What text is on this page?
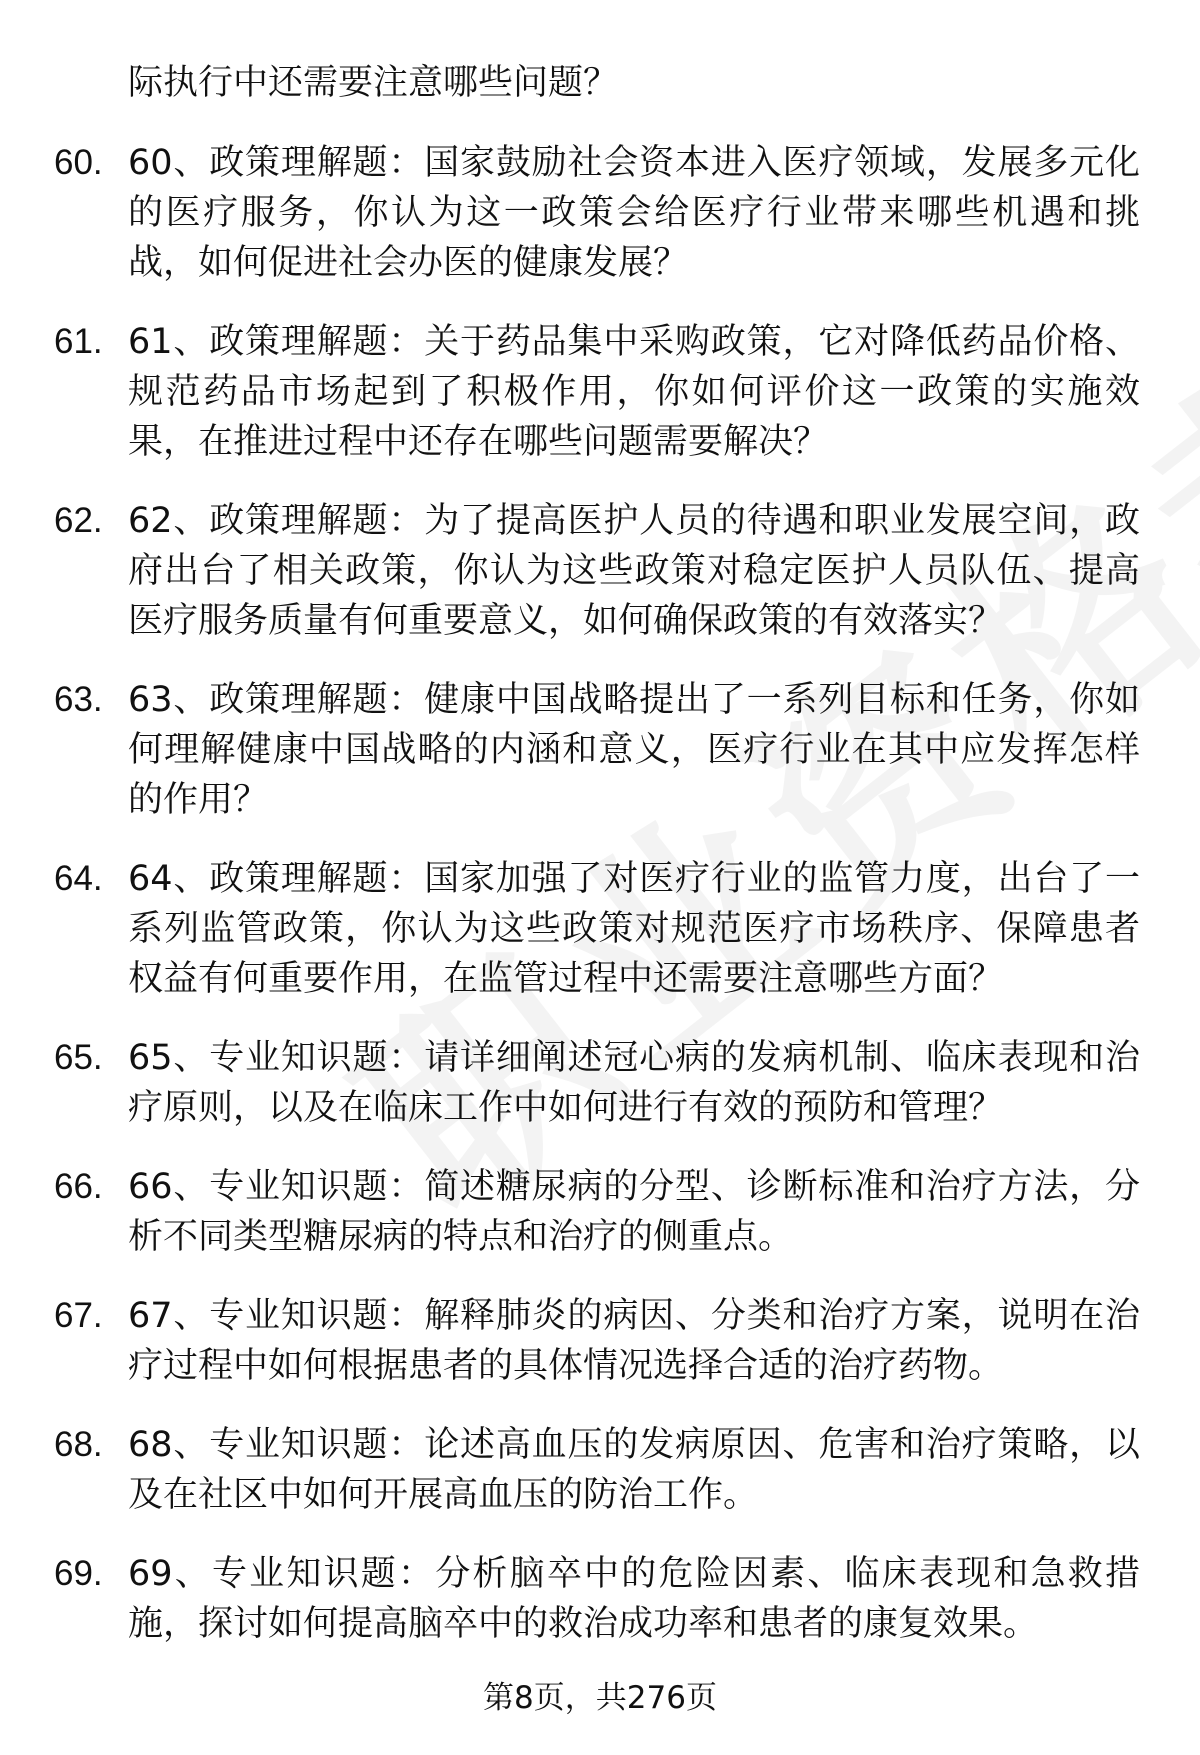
际执行中还需要注意哪些问题？
60. 60、政策理解题：国家鼓励社会资本进入医疗领域，发展多元化的医疗服务，你认为这一政策会给医疗行业带来哪些机遇和挑战，如何促进社会办医的健康发展？
61. 61、政策理解题：关于药品集中采购政策，它对降低药品价格、规范药品市场起到了积极作用，你如何评价这一政策的实施效果，在推进过程中还存在哪些问题需要解决？
62. 62、政策理解题：为了提高医护人员的待遇和职业发展空间，政府出台了相关政策，你认为这些政策对稳定医护人员队伍、提高医疗服务质量有何重要意义，如何确保政策的有效落实？
63. 63、政策理解题：健康中国战略提出了一系列目标和任务，你如何理解健康中国战略的内涵和意义，医疗行业在其中应发挥怎样的作用？
64. 64、政策理解题：国家加强了对医疗行业的监管力度，出台了一系列监管政策，你认为这些政策对规范医疗市场秩序、保障患者权益有何重要作用，在监管过程中还需要注意哪些方面？
65. 65、专业知识题：请详细阐述冠心病的发病机制、临床表现和治疗原则，以及在临床工作中如何进行有效的预防和管理？
66. 66、专业知识题：简述糖尿病的分型、诊断标准和治疗方法，分析不同类型糖尿病的特点和治疗的侧重点。
67. 67、专业知识题：解释肺炎的病因、分类和治疗方案，说明在治疗过程中如何根据患者的具体情况选择合适的治疗药物。
68. 68、专业知识题：论述高血压的发病原因、危害和治疗策略，以及在社区中如何开展高血压的防治工作。
69. 69、专业知识题：分析脑卒中的危险因素、临床表现和急救措施，探讨如何提高脑卒中的救治成功率和患者的康复效果。
第8页，共276页
